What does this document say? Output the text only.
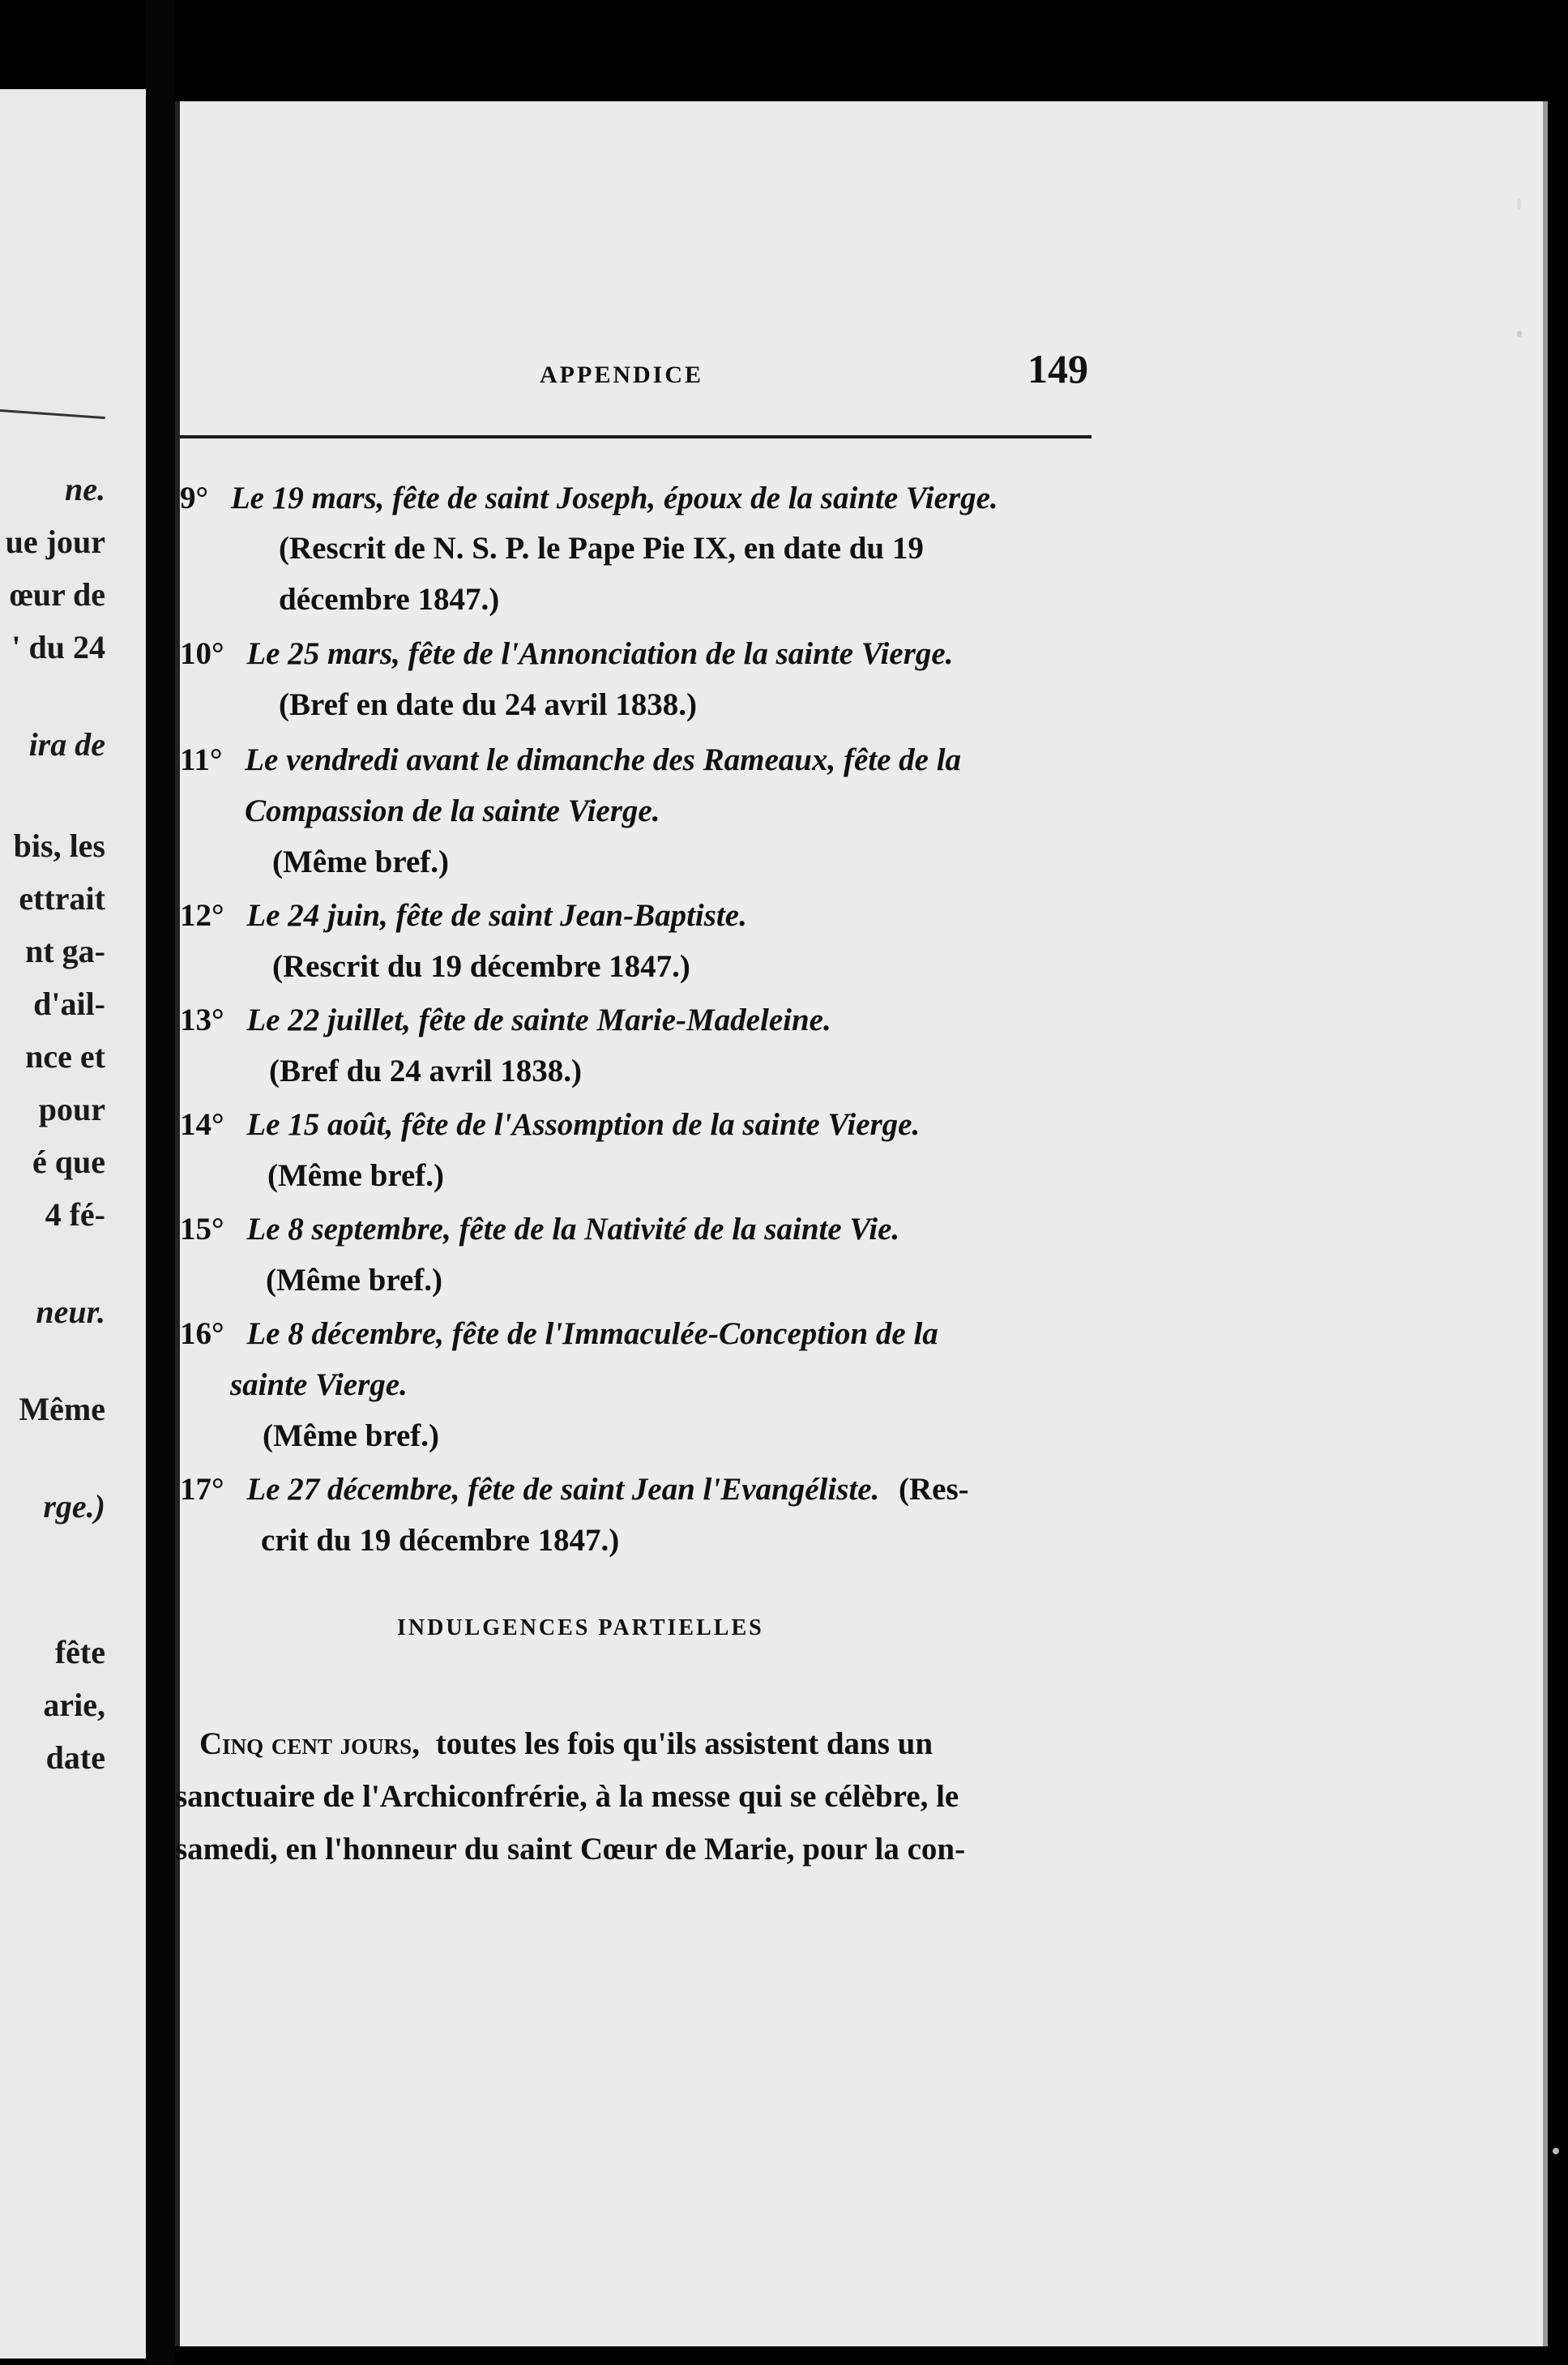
ne.
ue jour
œur de
' du 24
ira de
bis, les
ettrait
nt ga-
d'ail-
nce et
pour
é que
4 fé-
neur.
Même
rge.)
fête
arie,
date
APPENDICE	149
9° Le 19 mars, fête de saint Joseph, époux de la sainte Vierge.
(Rescrit de N. S. P. le Pape Pie IX, en date du 19
décembre 1847.)
10° Le 25 mars, fête de l'Annonciation de la sainte Vierge.
(Bref en date du 24 avril 1838.)
11° Le vendredi avant le dimanche des Rameaux, fête de la
Compassion de la sainte Vierge.
(Même bref.)
12° Le 24 juin, fête de saint Jean-Baptiste.
(Rescrit du 19 décembre 1847.)
13° Le 22 juillet, fête de sainte Marie-Madeleine.
(Bref du 24 avril 1838.)
14° Le 15 août, fête de l'Assomption de la sainte Vierge.
(Même bref.)
15° Le 8 septembre, fête de la Nativité de la sainte Vie.
(Même bref.)
16° Le 8 décembre, fête de l'Immaculée-Conception de la
sainte Vierge.
(Même bref.)
17° Le 27 décembre, fête de saint Jean l'Evangéliste. (Res-
crit du 19 décembre 1847.)
INDULGENCES PARTIELLES
Cinq cent jours, toutes les fois qu'ils assistent dans un
sanctuaire de l'Archiconfrérie, à la messe qui se célèbre, le
samedi, en l'honneur du saint Cœur de Marie, pour la con-
